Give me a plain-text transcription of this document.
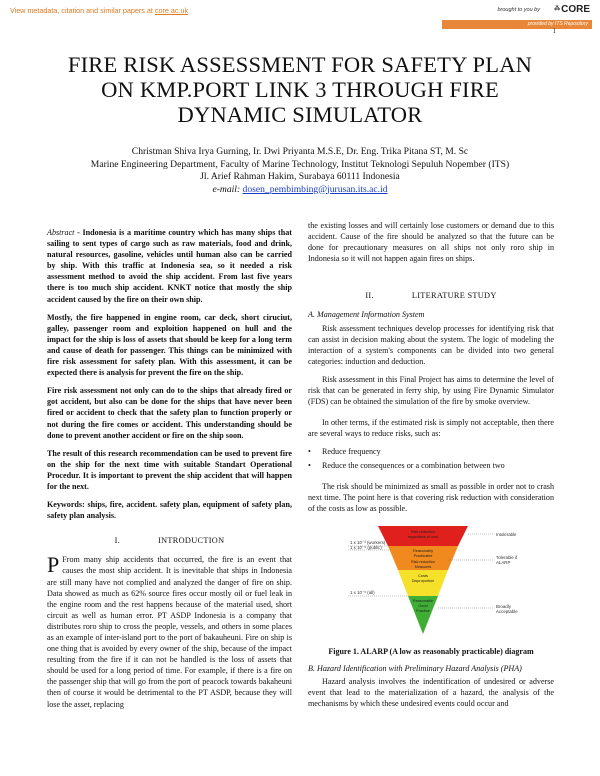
View metadata, citation and similar papers at core.ac.uk	brought to you by ⁂CORE
provided by ITS Repository
1
FIRE RISK ASSESSMENT FOR SAFETY PLAN
ON KMP.PORT LINK 3 THROUGH FIRE
DYNAMIC SIMULATOR
Christman Shiva Irya Gurning, Ir. Dwi Priyanta M.S.E, Dr. Eng. Trika Pitana ST, M. Sc
Marine Engineering Department, Faculty of Marine Technology, Institut Teknologi Sepuluh Nopember (ITS)
Jl. Arief Rahman Hakim, Surabaya 60111 Indonesia
e-mail: dosen_pembimbing@jurusan.its.ac.id

Abstract - Indonesia is a maritime country which has many ships that sailing to sent types of cargo such as raw materials, food and drink, natural resources, gasoline, vehicles until human also can be carried by ship. With this traffic at Indonesia sea, so it needed a risk assessment method to avoid the ship accident. From last five years there is too much ship accident. KNKT notice that mostly the ship accident caused by the fire on their own ship.

Mostly, the fire happened in engine room, car deck, short ciruciut, galley, passenger room and exploition happened on hull and the impact for the ship is loss of assets that should be keep for a long term and cause of death for passenger. This things can be minimized with fire risk assessment for safety plan. With this assessment, it can be expected there is analysis for prevent the fire on the ship.

Fire risk assessment not only can do to the ships that already fired or got accident, but also can be done for the ships that have never been fired or accident to check that the safety plan to function properly or not during the fire comes or accident. This understanding should be done to prevent another accident or fire on the ship soon.

The result of this research recommendation can be used to prevent fire on the ship for the next time with suitable Standart Operational Procedur. It is important to prevent the ship accident that will happen for the next.

Keywords: ships, fire, accident. safety plan, equipment of safety plan, safety plan analysis.

I.	INTRODUCTION

P From many ship accidents that occurred, the fire is an event that causes the most ship accident. It is inevitable that ships in Indonesia are still many have not complied and analyzed the danger of fire on ship. Data showed as much as 62% source fires occur mostly oil or fuel leak in the engine room and the rest happens because of the material used, short circuit as well as human error. PT ASDP Indonesia is a company that distributes roro ship to cross the people, vessels, and others in some places as an example of inter-island port to the port of bakauheuni. Fire on ship is one thing that is avoided by every owner of the ship, because of the impact resulting from the fire if it can not be handled is the loss of assets that should be used for a long period of time. For example, if there is a fire on the passenger ship that will go from the port of peacock towards bakaheuni then of course it would be detrimental to the PT ASDP, because they will lose the asset, replacing

the existing losses and will certainly lose customers or demand due to this accident. Cause of the fire should be analyzed so that the future can be done for precautionary measures on all ships not only roro ship in Indonesia so it will not happen again fires on ships.

II.	LITERATURE STUDY
A. Management Information System

Risk assessment techniques develop processes for identifying risk that can assist in decision making about the system. The logic of modeling the interaction of a system's components can be divided into two general categories: induction and deduction.

Risk assessment in this Final Project has aims to determine the level of risk that can be generated in ferry ship, by using Fire Dynamic Simulator (FDS) can be obtained the simulation of the fire by smoke overview.

In other terms, if the estimated risk is simply not acceptable, then there are several ways to reduce risks, such as:

• Reduce frequency
• Reduce the consequences or a combination between two

The risk should be minimized as small as possible in order not to crash next time. The point here is that covering risk reduction with consideration of the costs as low as possible.

1 x 10⁻³ (workers)
1 x 10⁻⁴ (public)
1 x 10⁻⁶ (all)
Risk reduction
regardless of cost
Reasonably
Practicable
Risk reduction
Measures
Costs
Disproportion
Reasonable
Good
Practice
Intolerable
Tolerable if
ALARP
Broadly
Acceptable
Figure 1. ALARP (A low as reasonably practicable) diagram
B. Hazard Identification with Preliminary Hazard Analysis (PHA)

Hazard analysis involves the indentification of undesired or adverse event that lead to the materialization of a hazard, the analysis of the mechanisms by which these undesired events could occur and
